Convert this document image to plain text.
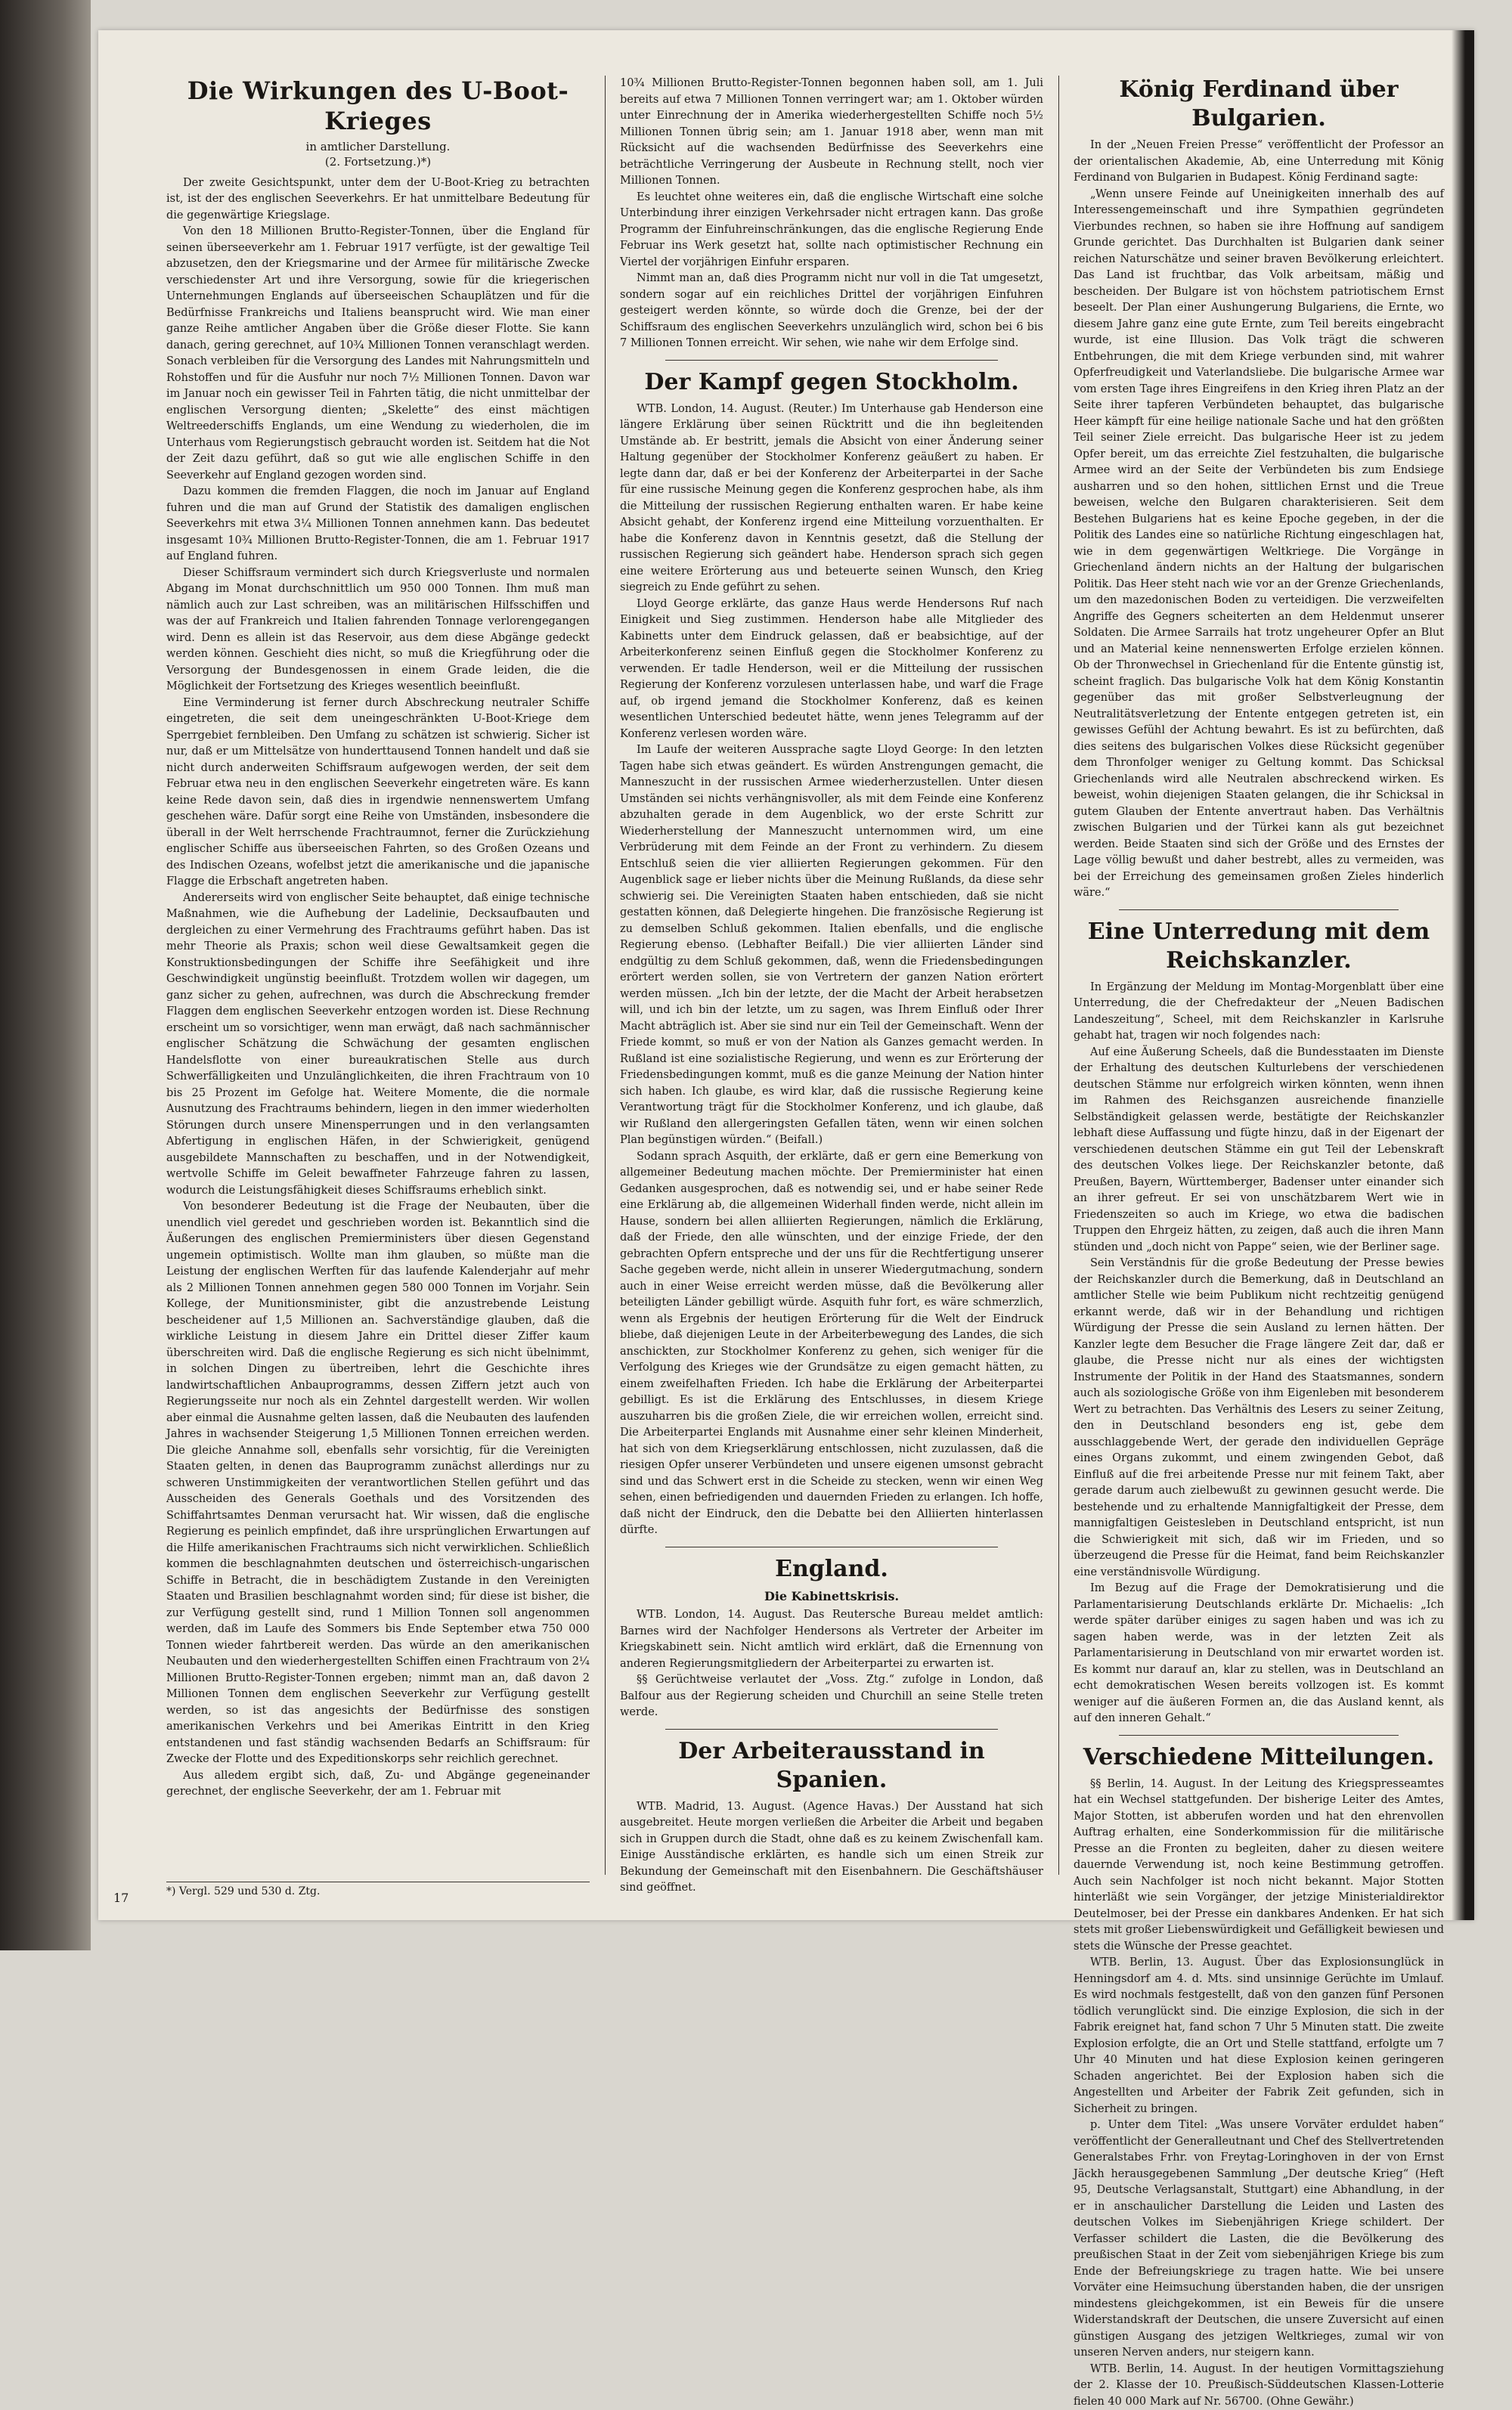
Die Wirkungen des U-Boot-Krieges
in amtlicher Darstellung.
(2. Fortsetzung.)*)

Der zweite Gesichtspunkt, unter dem der U-Boot-Krieg zu betrachten ist, ist der des englischen Seeverkehrs. Er hat unmittelbare Bedeutung für die gegenwärtige Kriegslage.

Von den 18 Millionen Brutto-Register-Tonnen, über die England für seinen überseeverkehr am 1. Februar 1917 verfügte, ist der gewaltige Teil abzusetzen, den der Kriegsmarine und der Armee für militärische Zwecke verschiedenster Art und ihre Versorgung, sowie für die kriegerischen Unternehmungen Englands auf überseeischen Schauplätzen und für die Bedürfnisse Frankreichs und Italiens beansprucht wird. Wie man einer ganze Reihe amtlicher Angaben über die Größe dieser Flotte. Sie kann danach, gering gerechnet, auf 10¾ Millionen Tonnen veranschlagt werden. Sonach verbleiben für die Versorgung des Landes mit Nahrungsmitteln und Rohstoffen und für die Ausfuhr nur noch 7½ Millionen Tonnen. Davon war im Januar noch ein gewisser Teil in Fahrten tätig, die nicht unmittelbar der englischen Versorgung dienten; „Skelette“ des einst mächtigen Weltreederschiffs Englands, um eine Wendung zu wiederholen, die im Unterhaus vom Regierungstisch gebraucht worden ist. Seitdem hat die Not der Zeit dazu geführt, daß so gut wie alle englischen Schiffe in den Seeverkehr auf England gezogen worden sind.

Dazu kommen die fremden Flaggen, die noch im Januar auf England fuhren und die man auf Grund der Statistik des damaligen englischen Seeverkehrs mit etwa 3¼ Millionen Tonnen annehmen kann. Das bedeutet insgesamt 10¾ Millionen Brutto-Register-Tonnen, die am 1. Februar 1917 auf England fuhren.

Dieser Schiffsraum vermindert sich durch Kriegsverluste und normalen Abgang im Monat durchschnittlich um 950 000 Tonnen. Ihm muß man nämlich auch zur Last schreiben, was an militärischen Hilfsschiffen und was der auf Frankreich und Italien fahrenden Tonnage verlorengegangen wird. Denn es allein ist das Reservoir, aus dem diese Abgänge gedeckt werden können. Geschieht dies nicht, so muß die Kriegführung oder die Versorgung der Bundesgenossen in einem Grade leiden, die die Möglichkeit der Fortsetzung des Krieges wesentlich beeinflußt.

Eine Verminderung ist ferner durch Abschreckung neutraler Schiffe eingetreten, die seit dem uneingeschränkten U-Boot-Kriege dem Sperrgebiet fernbleiben. Den Umfang zu schätzen ist schwierig. Sicher ist nur, daß er um Mittelsätze von hunderttausend Tonnen handelt und daß sie nicht durch anderweiten Schiffsraum aufgewogen werden, der seit dem Februar etwa neu in den englischen Seeverkehr eingetreten wäre. Es kann keine Rede davon sein, daß dies in irgendwie nennenswertem Umfang geschehen wäre. Dafür sorgt eine Reihe von Umständen, insbesondere die überall in der Welt herrschende Frachtraumnot, ferner die Zurückziehung englischer Schiffe aus überseeischen Fahrten, so des Großen Ozeans und des Indischen Ozeans, wofelbst jetzt die amerikanische und die japanische Flagge die Erbschaft angetreten haben.

Andererseits wird von englischer Seite behauptet, daß einige technische Maßnahmen, wie die Aufhebung der Ladelinie, Decksaufbauten und dergleichen zu einer Vermehrung des Frachtraums geführt haben. Das ist mehr Theorie als Praxis; schon weil diese Gewaltsamkeit gegen die Konstruktionsbedingungen der Schiffe ihre Seefähigkeit und ihre Geschwindigkeit ungünstig beeinflußt. Trotzdem wollen wir dagegen, um ganz sicher zu gehen, aufrechnen, was durch die Abschreckung fremder Flaggen dem englischen Seeverkehr entzogen worden ist. Diese Rechnung erscheint um so vorsichtiger, wenn man erwägt, daß nach sachmännischer englischer Schätzung die Schwächung der gesamten englischen Handelsflotte von einer bureaukratischen Stelle aus durch Schwerfälligkeiten und Unzulänglichkeiten, die ihren Frachtraum von 10 bis 25 Prozent im Gefolge hat. Weitere Momente, die die normale Ausnutzung des Frachtraums behindern, liegen in den immer wiederholten Störungen durch unsere Minensperrungen und in den verlangsamten Abfertigung in englischen Häfen, in der Schwierigkeit, genügend ausgebildete Mannschaften zu beschaffen, und in der Notwendigkeit, wertvolle Schiffe im Geleit bewaffneter Fahrzeuge fahren zu lassen, wodurch die Leistungsfähigkeit dieses Schiffsraums erheblich sinkt.

Von besonderer Bedeutung ist die Frage der Neubauten, über die unendlich viel geredet und geschrieben worden ist. Bekanntlich sind die Äußerungen des englischen Premierministers über diesen Gegenstand ungemein optimistisch. Wollte man ihm glauben, so müßte man die Leistung der englischen Werften für das laufende Kalenderjahr auf mehr als 2 Millionen Tonnen annehmen gegen 580 000 Tonnen im Vorjahr. Sein Kollege, der Munitionsminister, gibt die anzustrebende Leistung bescheidener auf 1,5 Millionen an. Sachverständige glauben, daß die wirkliche Leistung in diesem Jahre ein Drittel dieser Ziffer kaum überschreiten wird. Daß die englische Regierung es sich nicht übelnimmt, in solchen Dingen zu übertreiben, lehrt die Geschichte ihres landwirtschaftlichen Anbauprogramms, dessen Ziffern jetzt auch von Regierungsseite nur noch als ein Zehntel dargestellt werden. Wir wollen aber einmal die Ausnahme gelten lassen, daß die Neubauten des laufenden Jahres in wachsender Steigerung 1,5 Millionen Tonnen erreichen werden. Die gleiche Annahme soll, ebenfalls sehr vorsichtig, für die Vereinigten Staaten gelten, in denen das Bauprogramm zunächst allerdings nur zu schweren Unstimmigkeiten der verantwortlichen Stellen geführt und das Ausscheiden des Generals Goethals und des Vorsitzenden des Schiffahrtsamtes Denman verursacht hat. Wir wissen, daß die englische Regierung es peinlich empfindet, daß ihre ursprünglichen Erwartungen auf die Hilfe amerikanischen Frachtraums sich nicht verwirklichen. Schließlich kommen die beschlagnahmten deutschen und österreichisch-ungarischen Schiffe in Betracht, die in beschädigtem Zustande in den Vereinigten Staaten und Brasilien beschlagnahmt worden sind; für diese ist bisher, die zur Verfügung gestellt sind, rund 1 Million Tonnen soll angenommen werden, daß im Laufe des Sommers bis Ende September etwa 750 000 Tonnen wieder fahrtbereit werden. Das würde an den amerikanischen Neubauten und den wiederhergestellten Schiffen einen Frachtraum von 2¼ Millionen Brutto-Register-Tonnen ergeben; nimmt man an, daß davon 2 Millionen Tonnen dem englischen Seeverkehr zur Verfügung gestellt werden, so ist das angesichts der Bedürfnisse des sonstigen amerikanischen Verkehrs und bei Amerikas Eintritt in den Krieg entstandenen und fast ständig wachsenden Bedarfs an Schiffsraum: für Zwecke der Flotte und des Expeditionskorps sehr reichlich gerechnet.

Aus alledem ergibt sich, daß, Zu- und Abgänge gegeneinander gerechnet, der englische Seeverkehr, der am 1. Februar mit

10¾ Millionen Brutto-Register-Tonnen begonnen haben soll, am 1. Juli bereits auf etwa 7 Millionen Tonnen verringert war; am 1. Oktober würden unter Einrechnung der in Amerika wiederhergestellten Schiffe noch 5½ Millionen Tonnen übrig sein; am 1. Januar 1918 aber, wenn man mit Rücksicht auf die wachsenden Bedürfnisse des Seeverkehrs eine beträchtliche Verringerung der Ausbeute in Rechnung stellt, noch vier Millionen Tonnen.

Es leuchtet ohne weiteres ein, daß die englische Wirtschaft eine solche Unterbindung ihrer einzigen Verkehrsader nicht ertragen kann. Das große Programm der Einfuhreinschränkungen, das die englische Regierung Ende Februar ins Werk gesetzt hat, sollte nach optimistischer Rechnung ein Viertel der vorjährigen Einfuhr ersparen.

Nimmt man an, daß dies Programm nicht nur voll in die Tat umgesetzt, sondern sogar auf ein reichliches Drittel der vorjährigen Einfuhren gesteigert werden könnte, so würde doch die Grenze, bei der der Schiffsraum des englischen Seeverkehrs unzulänglich wird, schon bei 6 bis 7 Millionen Tonnen erreicht. Wir sehen, wie nahe wir dem Erfolge sind.

Der Kampf gegen Stockholm.

WTB. London, 14. August. (Reuter.) Im Unterhause gab Henderson eine längere Erklärung über seinen Rücktritt und die ihn begleitenden Umstände ab. Er bestritt, jemals die Absicht von einer Änderung seiner Haltung gegenüber der Stockholmer Konferenz geäußert zu haben. Er legte dann dar, daß er bei der Konferenz der Arbeiterpartei in der Sache für eine russische Meinung gegen die Konferenz gesprochen habe, als ihm die Mitteilung der russischen Regierung enthalten waren. Er habe keine Absicht gehabt, der Konferenz irgend eine Mitteilung vorzuenthalten. Er habe die Konferenz davon in Kenntnis gesetzt, daß die Stellung der russischen Regierung sich geändert habe. Henderson sprach sich gegen eine weitere Erörterung aus und beteuerte seinen Wunsch, den Krieg siegreich zu Ende geführt zu sehen.

Lloyd George erklärte, das ganze Haus werde Hendersons Ruf nach Einigkeit und Sieg zustimmen. Henderson habe alle Mitglieder des Kabinetts unter dem Eindruck gelassen, daß er beabsichtige, auf der Arbeiterkonferenz seinen Einfluß gegen die Stockholmer Konferenz zu verwenden. Er tadle Henderson, weil er die Mitteilung der russischen Regierung der Konferenz vorzulesen unterlassen habe, und warf die Frage auf, ob irgend jemand die Stockholmer Konferenz, daß es keinen wesentlichen Unterschied bedeutet hätte, wenn jenes Telegramm auf der Konferenz verlesen worden wäre.

Im Laufe der weiteren Aussprache sagte Lloyd George: In den letzten Tagen habe sich etwas geändert. Es würden Anstrengungen gemacht, die Manneszucht in der russischen Armee wiederherzustellen. Unter diesen Umständen sei nichts verhängnisvoller, als mit dem Feinde eine Konferenz abzuhalten gerade in dem Augenblick, wo der erste Schritt zur Wiederherstellung der Manneszucht unternommen wird, um eine Verbrüderung mit dem Feinde an der Front zu verhindern. Zu diesem Entschluß seien die vier alliierten Regierungen gekommen. Für den Augenblick sage er lieber nichts über die Meinung Rußlands, da diese sehr schwierig sei. Die Vereinigten Staaten haben entschieden, daß sie nicht gestatten können, daß Delegierte hingehen. Die französische Regierung ist zu demselben Schluß gekommen. Italien ebenfalls, und die englische Regierung ebenso. (Lebhafter Beifall.) Die vier alliierten Länder sind endgültig zu dem Schluß gekommen, daß, wenn die Friedensbedingungen erörtert werden sollen, sie von Vertretern der ganzen Nation erörtert werden müssen. „Ich bin der letzte, der die Macht der Arbeit herabsetzen will, und ich bin der letzte, um zu sagen, was Ihrem Einfluß oder Ihrer Macht abträglich ist. Aber sie sind nur ein Teil der Gemeinschaft. Wenn der Friede kommt, so muß er von der Nation als Ganzes gemacht werden. In Rußland ist eine sozialistische Regierung, und wenn es zur Erörterung der Friedensbedingungen kommt, muß es die ganze Meinung der Nation hinter sich haben. Ich glaube, es wird klar, daß die russische Regierung keine Verantwortung trägt für die Stockholmer Konferenz, und ich glaube, daß wir Rußland den allergeringsten Gefallen täten, wenn wir einen solchen Plan begünstigen würden.“ (Beifall.)

Sodann sprach Asquith, der erklärte, daß er gern eine Bemerkung von allgemeiner Bedeutung machen möchte. Der Premierminister hat einen Gedanken ausgesprochen, daß es notwendig sei, und er habe seiner Rede eine Erklärung ab, die allgemeinen Widerhall finden werde, nicht allein im Hause, sondern bei allen alliierten Regierungen, nämlich die Erklärung, daß der Friede, den alle wünschten, und der einzige Friede, der den gebrachten Opfern entspreche und der uns für die Rechtfertigung unserer Sache gegeben werde, nicht allein in unserer Wiedergutmachung, sondern auch in einer Weise erreicht werden müsse, daß die Bevölkerung aller beteiligten Länder gebilligt würde. Asquith fuhr fort, es wäre schmerzlich, wenn als Ergebnis der heutigen Erörterung für die Welt der Eindruck bliebe, daß diejenigen Leute in der Arbeiterbewegung des Landes, die sich anschickten, zur Stockholmer Konferenz zu gehen, sich weniger für die Verfolgung des Krieges wie der Grundsätze zu eigen gemacht hätten, zu einem zweifelhaften Frieden. Ich habe die Erklärung der Arbeiterpartei gebilligt. Es ist die Erklärung des Entschlusses, in diesem Kriege auszuharren bis die großen Ziele, die wir erreichen wollen, erreicht sind. Die Arbeiterpartei Englands mit Ausnahme einer sehr kleinen Minderheit, hat sich von dem Kriegserklärung entschlossen, nicht zuzulassen, daß die riesigen Opfer unserer Verbündeten und unsere eigenen umsonst gebracht sind und das Schwert erst in die Scheide zu stecken, wenn wir einen Weg sehen, einen befriedigenden und dauernden Frieden zu erlangen. Ich hoffe, daß nicht der Eindruck, den die Debatte bei den Alliierten hinterlassen dürfte.

England.
Die Kabinettskrisis.

WTB. London, 14. August. Das Reutersche Bureau meldet amtlich: Barnes wird der Nachfolger Hendersons als Vertreter der Arbeiter im Kriegskabinett sein. Nicht amtlich wird erklärt, daß die Ernennung von anderen Regierungsmitgliedern der Arbeiterpartei zu erwarten ist.

§§ Gerüchtweise verlautet der „Voss. Ztg.“ zufolge in London, daß Balfour aus der Regierung scheiden und Churchill an seine Stelle treten werde.

Der Arbeiterausstand in Spanien.

WTB. Madrid, 13. August. (Agence Havas.) Der Ausstand hat sich ausgebreitet. Heute morgen verließen die Arbeiter die Arbeit und begaben sich in Gruppen durch die Stadt, ohne daß es zu keinem Zwischenfall kam. Einige Ausständische erklärten, es handle sich um einen Streik zur Bekundung der Gemeinschaft mit den Eisenbahnern. Die Geschäftshäuser sind geöffnet.

König Ferdinand über Bulgarien.

In der „Neuen Freien Presse“ veröffentlicht der Professor an der orientalischen Akademie, Ab, eine Unterredung mit König Ferdinand von Bulgarien in Budapest. König Ferdinand sagte:

„Wenn unsere Feinde auf Uneinigkeiten innerhalb des auf Interessengemeinschaft und ihre Sympathien gegründeten Vierbundes rechnen, so haben sie ihre Hoffnung auf sandigem Grunde gerichtet. Das Durchhalten ist Bulgarien dank seiner reichen Naturschätze und seiner braven Bevölkerung erleichtert. Das Land ist fruchtbar, das Volk arbeitsam, mäßig und bescheiden. Der Bulgare ist von höchstem patriotischem Ernst beseelt. Der Plan einer Aushungerung Bulgariens, die Ernte, wo diesem Jahre ganz eine gute Ernte, zum Teil bereits eingebracht wurde, ist eine Illusion. Das Volk trägt die schweren Entbehrungen, die mit dem Kriege verbunden sind, mit wahrer Opferfreudigkeit und Vaterlandsliebe. Die bulgarische Armee war vom ersten Tage ihres Eingreifens in den Krieg ihren Platz an der Seite ihrer tapferen Verbündeten behauptet, das bulgarische Heer kämpft für eine heilige nationale Sache und hat den größten Teil seiner Ziele erreicht. Das bulgarische Heer ist zu jedem Opfer bereit, um das erreichte Ziel festzuhalten, die bulgarische Armee wird an der Seite der Verbündeten bis zum Endsiege ausharren und so den hohen, sittlichen Ernst und die Treue beweisen, welche den Bulgaren charakterisieren. Seit dem Bestehen Bulgariens hat es keine Epoche gegeben, in der die Politik des Landes eine so natürliche Richtung eingeschlagen hat, wie in dem gegenwärtigen Weltkriege. Die Vorgänge in Griechenland ändern nichts an der Haltung der bulgarischen Politik. Das Heer steht nach wie vor an der Grenze Griechenlands, um den mazedonischen Boden zu verteidigen. Die verzweifelten Angriffe des Gegners scheiterten an dem Heldenmut unserer Soldaten. Die Armee Sarrails hat trotz ungeheurer Opfer an Blut und an Material keine nennenswerten Erfolge erzielen können. Ob der Thronwechsel in Griechenland für die Entente günstig ist, scheint fraglich. Das bulgarische Volk hat dem König Konstantin gegenüber das mit großer Selbstverleugnung der Neutralitätsverletzung der Entente entgegen getreten ist, ein gewisses Gefühl der Achtung bewahrt. Es ist zu befürchten, daß dies seitens des bulgarischen Volkes diese Rücksicht gegenüber dem Thronfolger weniger zu Geltung kommt. Das Schicksal Griechenlands wird alle Neutralen abschreckend wirken. Es beweist, wohin diejenigen Staaten gelangen, die ihr Schicksal in gutem Glauben der Entente anvertraut haben. Das Verhältnis zwischen Bulgarien und der Türkei kann als gut bezeichnet werden. Beide Staaten sind sich der Größe und des Ernstes der Lage völlig bewußt und daher bestrebt, alles zu vermeiden, was bei der Erreichung des gemeinsamen großen Zieles hinderlich wäre.“

Eine Unterredung mit dem Reichskanzler.

In Ergänzung der Meldung im Montag-Morgenblatt über eine Unterredung, die der Chefredakteur der „Neuen Badischen Landeszeitung“, Scheel, mit dem Reichskanzler in Karlsruhe gehabt hat, tragen wir noch folgendes nach:

Auf eine Äußerung Scheels, daß die Bundesstaaten im Dienste der Erhaltung des deutschen Kulturlebens der verschiedenen deutschen Stämme nur erfolgreich wirken könnten, wenn ihnen im Rahmen des Reichsganzen ausreichende finanzielle Selbständigkeit gelassen werde, bestätigte der Reichskanzler lebhaft diese Auffassung und fügte hinzu, daß in der Eigenart der verschiedenen deutschen Stämme ein gut Teil der Lebenskraft des deutschen Volkes liege. Der Reichskanzler betonte, daß Preußen, Bayern, Württemberger, Badenser unter einander sich an ihrer gefreut. Er sei von unschätzbarem Wert wie in Friedenszeiten so auch im Kriege, wo etwa die badischen Truppen den Ehrgeiz hätten, zu zeigen, daß auch die ihren Mann stünden und „doch nicht von Pappe“ seien, wie der Berliner sage.

Sein Verständnis für die große Bedeutung der Presse bewies der Reichskanzler durch die Bemerkung, daß in Deutschland an amtlicher Stelle wie beim Publikum nicht rechtzeitig genügend erkannt werde, daß wir in der Behandlung und richtigen Würdigung der Presse die sein Ausland zu lernen hätten. Der Kanzler legte dem Besucher die Frage längere Zeit dar, daß er glaube, die Presse nicht nur als eines der wichtigsten Instrumente der Politik in der Hand des Staatsmannes, sondern auch als soziologische Größe von ihm Eigenleben mit besonderem Wert zu betrachten. Das Verhältnis des Lesers zu seiner Zeitung, den in Deutschland besonders eng ist, gebe dem ausschlaggebende Wert, der gerade den individuellen Gepräge eines Organs zukommt, und einem zwingenden Gebot, daß Einfluß auf die frei arbeitende Presse nur mit feinem Takt, aber gerade darum auch zielbewußt zu gewinnen gesucht werde. Die bestehende und zu erhaltende Mannigfaltigkeit der Presse, dem mannigfaltigen Geistesleben in Deutschland entspricht, ist nun die Schwierigkeit mit sich, daß wir im Frieden, und so überzeugend die Presse für die Heimat, fand beim Reichskanzler eine verständnisvolle Würdigung.

Im Bezug auf die Frage der Demokratisierung und die Parlamentarisierung Deutschlands erklärte Dr. Michaelis: „Ich werde später darüber einiges zu sagen haben und was ich zu sagen haben werde, was in der letzten Zeit als Parlamentarisierung in Deutschland von mir erwartet worden ist. Es kommt nur darauf an, klar zu stellen, was in Deutschland an echt demokratischen Wesen bereits vollzogen ist. Es kommt weniger auf die äußeren Formen an, die das Ausland kennt, als auf den inneren Gehalt.“

Verschiedene Mitteilungen.

§§ Berlin, 14. August. In der Leitung des Kriegspresseamtes hat ein Wechsel stattgefunden. Der bisherige Leiter des Amtes, Major Stotten, ist abberufen worden und hat den ehrenvollen Auftrag erhalten, eine Sonderkommission für die militärische Presse an die Fronten zu begleiten, daher zu diesen weitere dauernde Verwendung ist, noch keine Bestimmung getroffen. Auch sein Nachfolger ist noch nicht bekannt. Major Stotten hinterläßt wie sein Vorgänger, der jetzige Ministerialdirektor Deutelmoser, bei der Presse ein dankbares Andenken. Er hat sich stets mit großer Liebenswürdigkeit und Gefälligkeit bewiesen und stets die Wünsche der Presse geachtet.

WTB. Berlin, 13. August. Über das Explosionsunglück in Henningsdorf am 4. d. Mts. sind unsinnige Gerüchte im Umlauf. Es wird nochmals festgestellt, daß von den ganzen fünf Personen tödlich verunglückt sind. Die einzige Explosion, die sich in der Fabrik ereignet hat, fand schon 7 Uhr 5 Minuten statt. Die zweite Explosion erfolgte, die an Ort und Stelle stattfand, erfolgte um 7 Uhr 40 Minuten und hat diese Explosion keinen geringeren Schaden angerichtet. Bei der Explosion haben sich die Angestellten und Arbeiter der Fabrik Zeit gefunden, sich in Sicherheit zu bringen.

p. Unter dem Titel: „Was unsere Vorväter erduldet haben“ veröffentlicht der Generalleutnant und Chef des Stellvertretenden Generalstabes Frhr. von Freytag-Loringhoven in der von Ernst Jäckh herausgegebenen Sammlung „Der deutsche Krieg“ (Heft 95, Deutsche Verlagsanstalt, Stuttgart) eine Abhandlung, in der er in anschaulicher Darstellung die Leiden und Lasten des deutschen Volkes im Siebenjährigen Kriege schildert. Der Verfasser schildert die Lasten, die die Bevölkerung des preußischen Staat in der Zeit vom siebenjährigen Kriege bis zum Ende der Befreiungskriege zu tragen hatte. Wie bei unsere Vorväter eine Heimsuchung überstanden haben, die der unsrigen mindestens gleichgekommen, ist ein Beweis für die unsere Widerstandskraft der Deutschen, die unsere Zuversicht auf einen günstigen Ausgang des jetzigen Weltkrieges, zumal wir von unseren Nerven anders, nur steigern kann.

WTB. Berlin, 14. August. In der heutigen Vormittagsziehung der 2. Klasse der 10. Preußisch-Süddeutschen Klassen-Lotterie fielen 40 000 Mark auf Nr. 56700. (Ohne Gewähr.)

*) Vergl. 529 und 530 d. Ztg.
17
